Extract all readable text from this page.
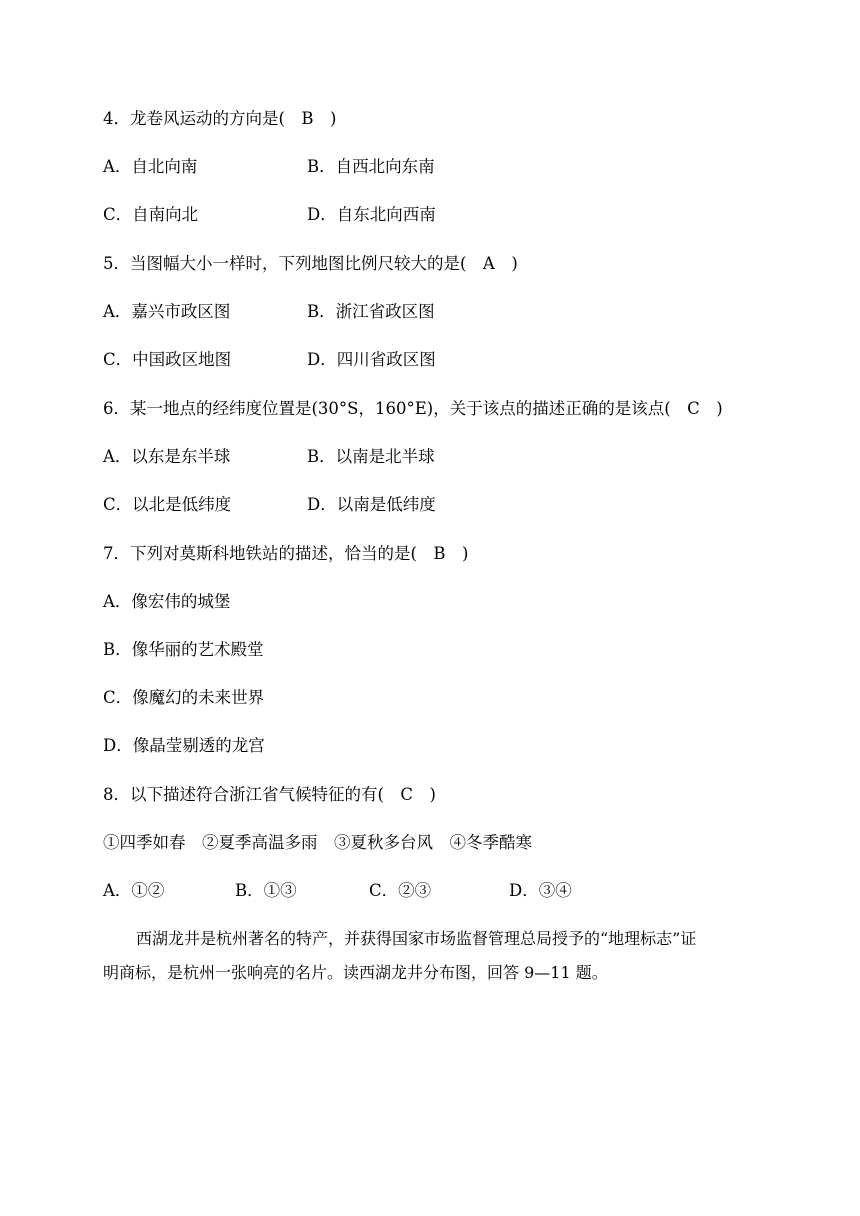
4．龙卷风运动的方向是(　B　)
A．自北向南	B．自西北向东南
C．自南向北	D．自东北向西南
5．当图幅大小一样时，下列地图比例尺较大的是(　A　)
A．嘉兴市政区图	B．浙江省政区图
C．中国政区地图	D．四川省政区图
6．某一地点的经纬度位置是(30°S，160°E)，关于该点的描述正确的是该点(　C　)
A．以东是东半球	B．以南是北半球
C．以北是低纬度	D．以南是低纬度
7．下列对莫斯科地铁站的描述，恰当的是(　B　)
A．像宏伟的城堡
B．像华丽的艺术殿堂
C．像魔幻的未来世界
D．像晶莹剔透的龙宫
8．以下描述符合浙江省气候特征的有(　C　)
①四季如春　②夏季高温多雨　③夏秋多台风　④冬季酷寒
A．①②	B．①③	C．②③	D．③④
西湖龙井是杭州著名的特产，并获得国家市场监督管理总局授予的“地理标志”证
明商标，是杭州一张响亮的名片。读西湖龙井分布图，回答 9—11 题。
